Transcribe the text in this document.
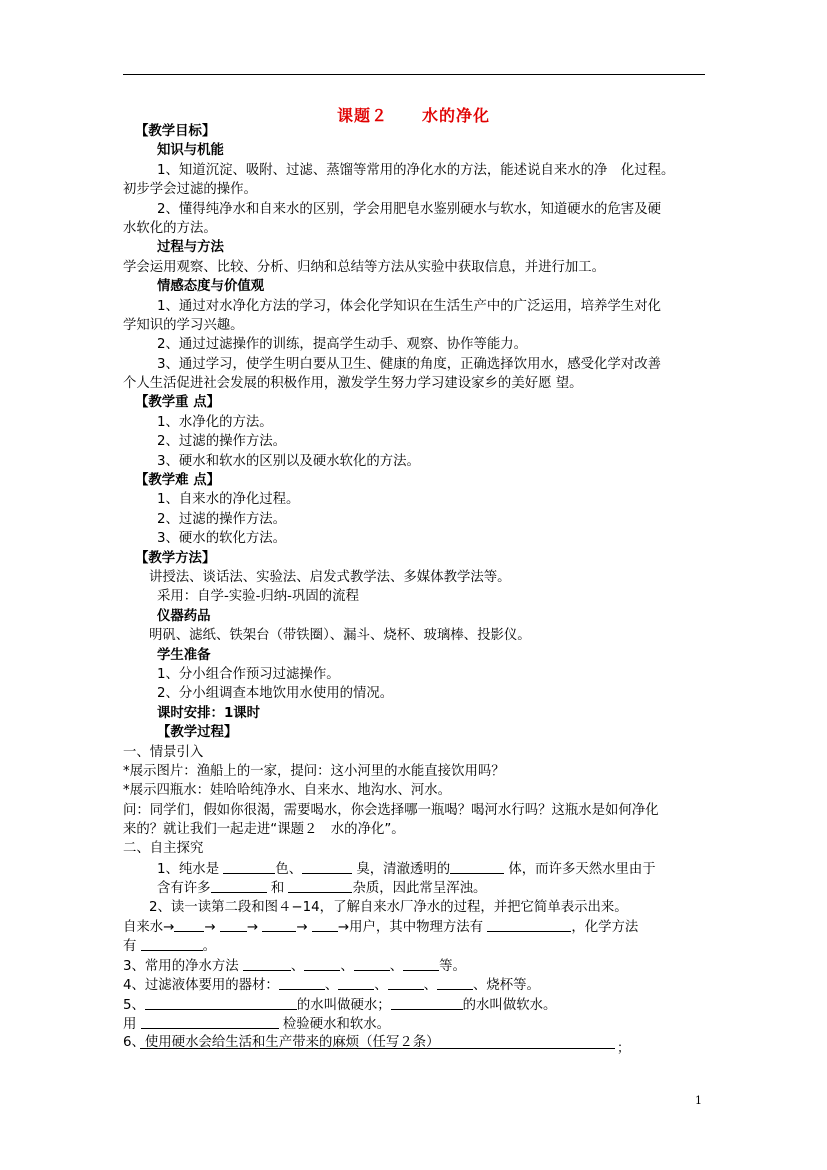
课题２ 水的净化
【教学目标】
知识与机能
1、知道沉淀、吸附、过滤、蒸馏等常用的净化水的方法，能述说自来水的净　化过程。
初步学会过滤的操作。
2、懂得纯净水和自来水的区别，学会用肥皂水鉴别硬水与软水，知道硬水的危害及硬
水软化的方法。
过程与方法
学会运用观察、比较、分析、归纳和总结等方法从实验中获取信息，并进行加工。
情感态度与价值观
1、通过对水净化方法的学习，体会化学知识在生活生产中的广泛运用，培养学生对化
学知识的学习兴趣。
2、通过过滤操作的训练，提高学生动手、观察、协作等能力。
3、通过学习，使学生明白要从卫生、健康的角度，正确选择饮用水，感受化学对改善
个人生活促进社会发展的积极作用，激发学生努力学习建设家乡的美好愿 望。
【教学重 点】
1、水净化的方法。
2、过滤的操作方法。
3、硬水和软水的区别以及硬水软化的方法。
【教学难 点】
1、自来水的净化过程。
2、过滤的操作方法。
3、硬水的软化方法。
【教学方法】
讲授法、谈话法、实验法、启发式教学法、多媒体教学法等。
采用：自学-实验-归纳-巩固的流程
仪器药品
明矾、滤纸、铁架台（带铁圈）、漏斗、烧杯、玻璃棒、投影仪。
学生准备
1、分小组合作预习过滤操作。
2、分小组调查本地饮用水使用的情况。
课时安排：1课时
【教学过程】
一、情景引入
*展示图片：渔船上的一家，提问：这小河里的水能直接饮用吗？
*展示四瓶水：娃哈哈纯净水、自来水、地沟水、河水。
问：同学们，假如你很渴，需要喝水，你会选择哪一瓶喝？喝河水行吗？这瓶水是如何净化
来的？就让我们一起走进“课题２　水的净化”。
二、自主探究
1、纯水是	色、	臭，清澈透明的	体，而许多天然水里由于
含有许多	和	杂质，因此常呈浑浊。
2、读一读第二段和图４−14，了解自来水厂净水的过程，并把它简单表示出来。
自来水→ → →	→ →用户，其中物理方法有	，化学方法
有	。
3、常用的净水方法	、	、	、	等。
4、过滤液体要用的器材：	、	、	、	、烧杯等。
5、	的水叫做硬水；	的水叫做软水。
用	检验硬水和软水。
6、使用硬水会给生活和生产带来的麻烦（任写２条）	；
1
